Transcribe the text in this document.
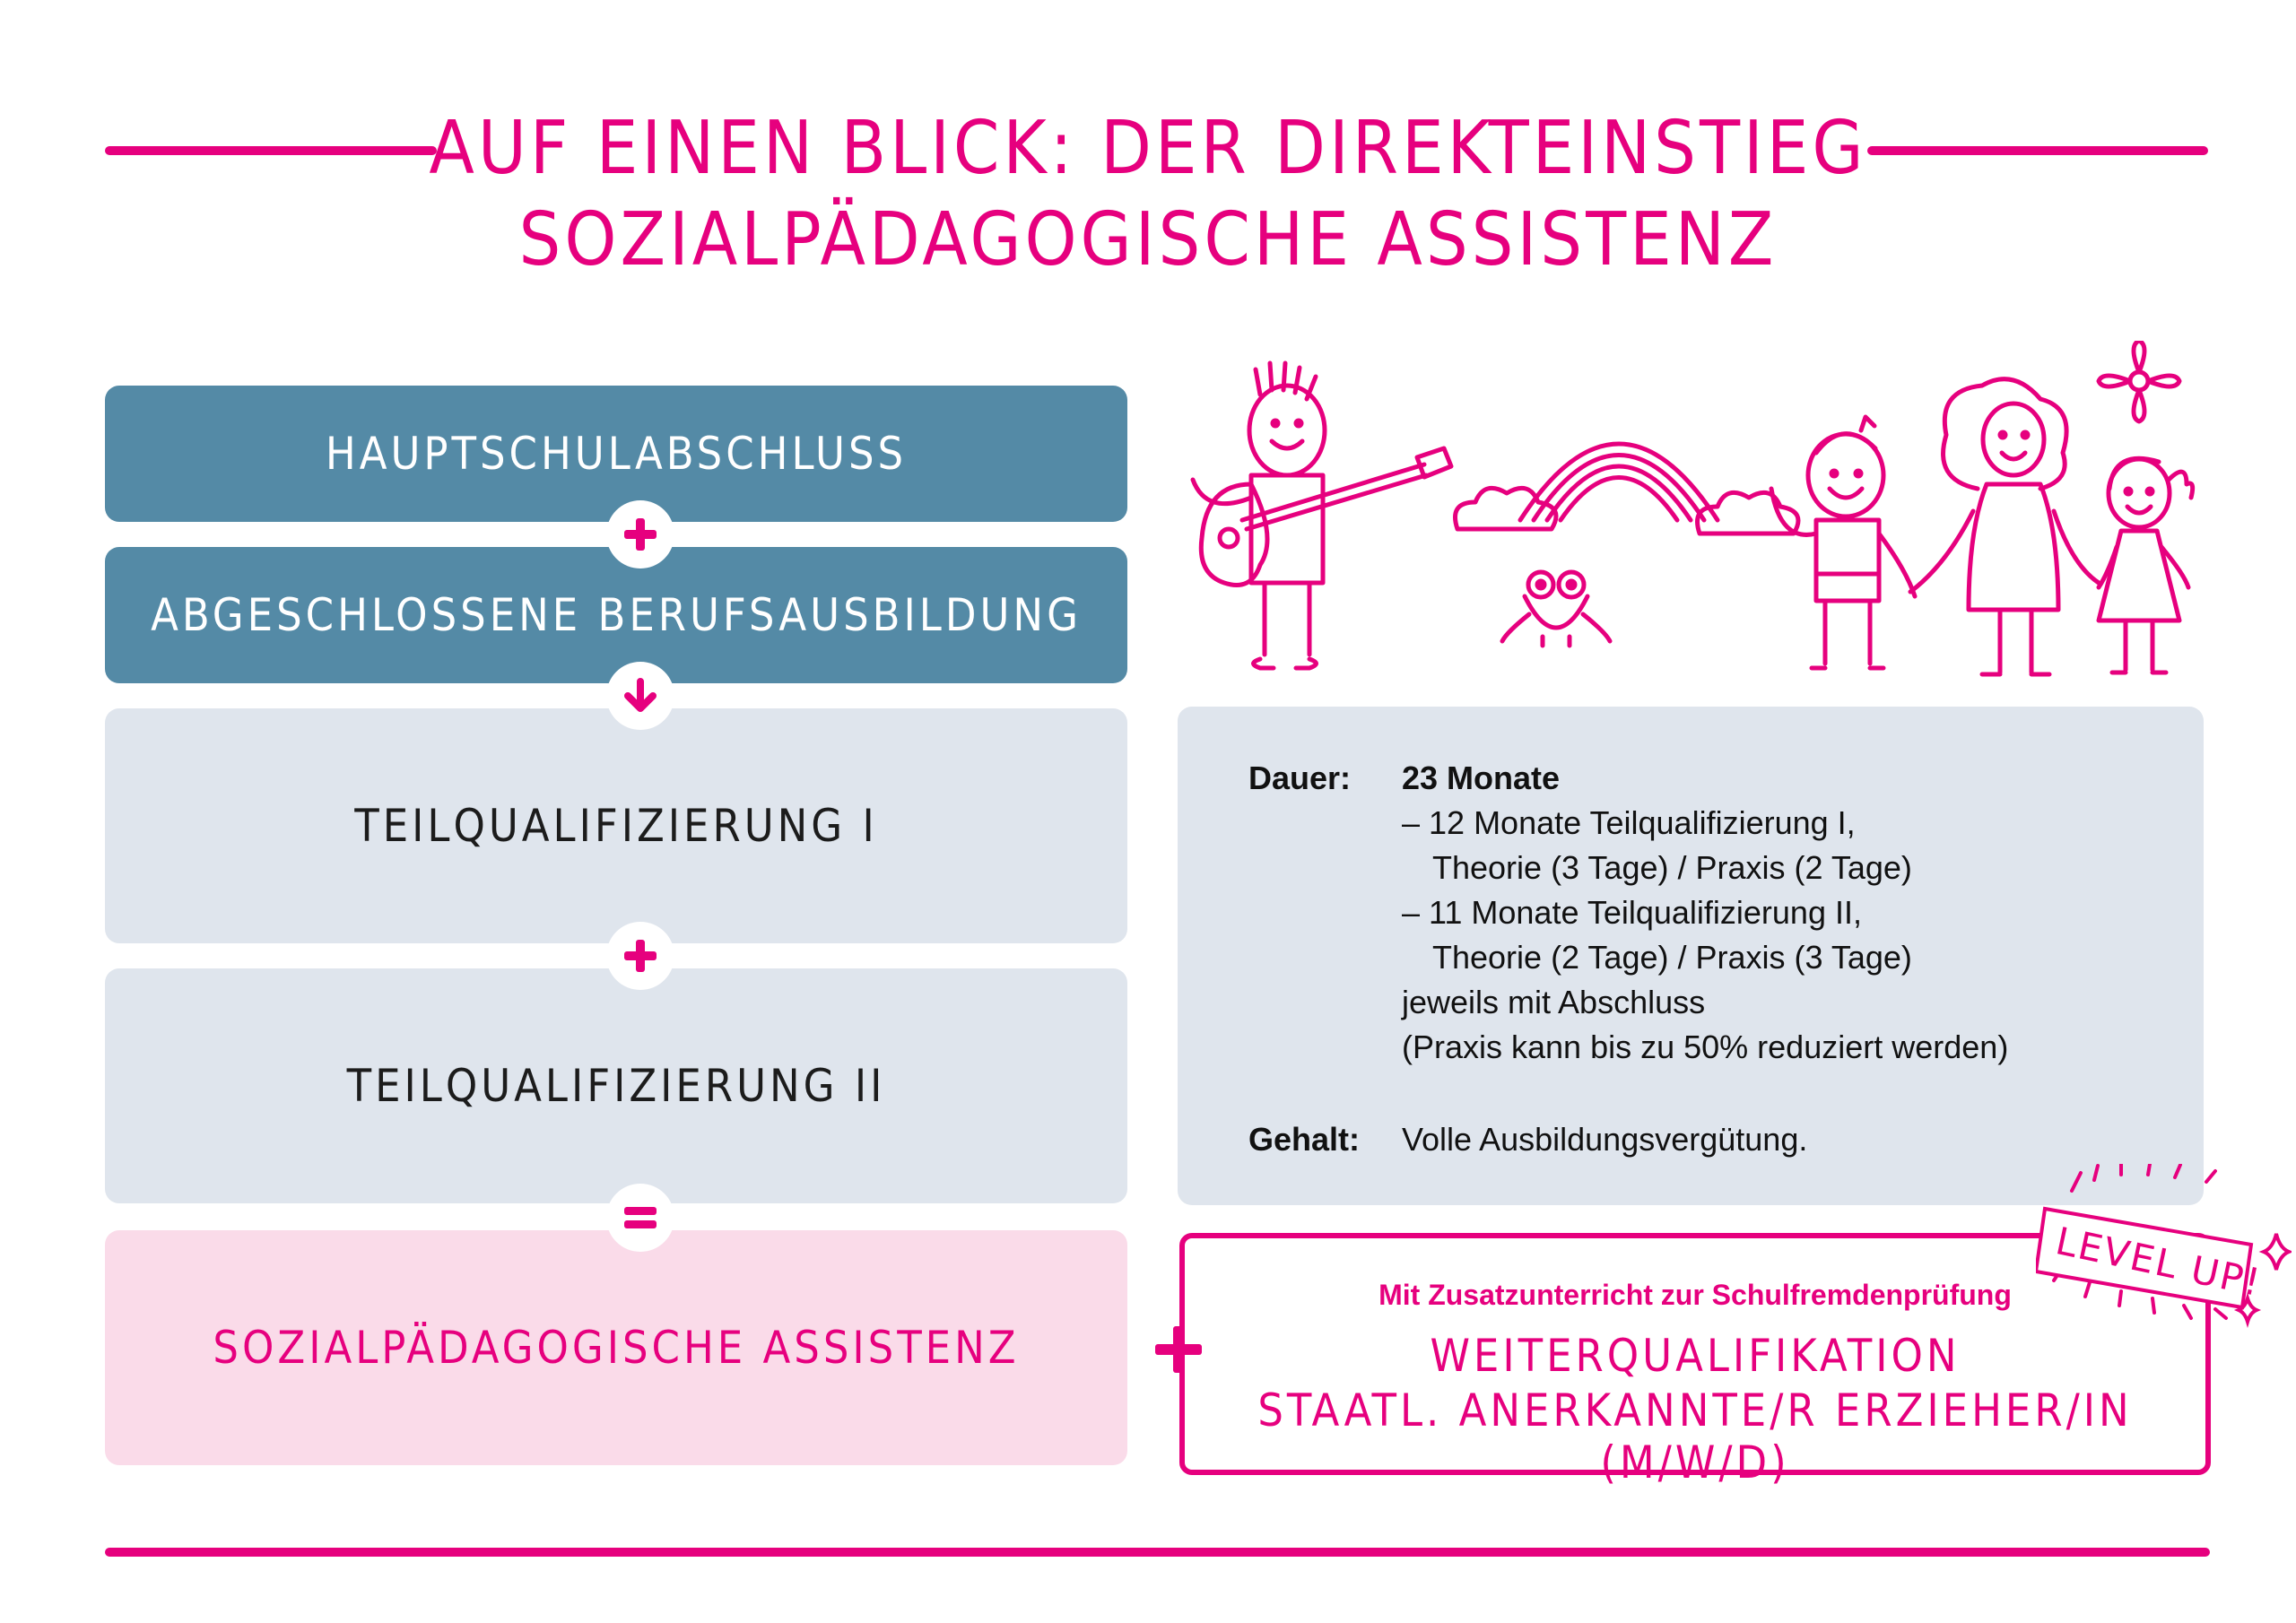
AUF EINEN BLICK: DER DIREKTEINSTIEG
SOZIALPÄDAGOGISCHE ASSISTENZ
HAUPTSCHULABSCHLUSS
ABGESCHLOSSENE BERUFSAUSBILDUNG
TEILQUALIFIZIERUNG I
TEILQUALIFIZIERUNG II
SOZIALPÄDAGOGISCHE ASSISTENZ
Dauer: 23 Monate
– 12 Monate Teilqualifizierung I,
Theorie (3 Tage) / Praxis (2 Tage)
– 11 Monate Teilqualifizierung II,
Theorie (2 Tage) / Praxis (3 Tage)
jeweils mit Abschluss
(Praxis kann bis zu 50% reduziert werden)
Gehalt: Volle Ausbildungsvergütung.
Mit Zusatzunterricht zur Schulfremdenprüfung
WEITERQUALIFIKATION
STAATL. ANERKANNTE/R ERZIEHER/IN (M/W/D)
LEVEL UP!
